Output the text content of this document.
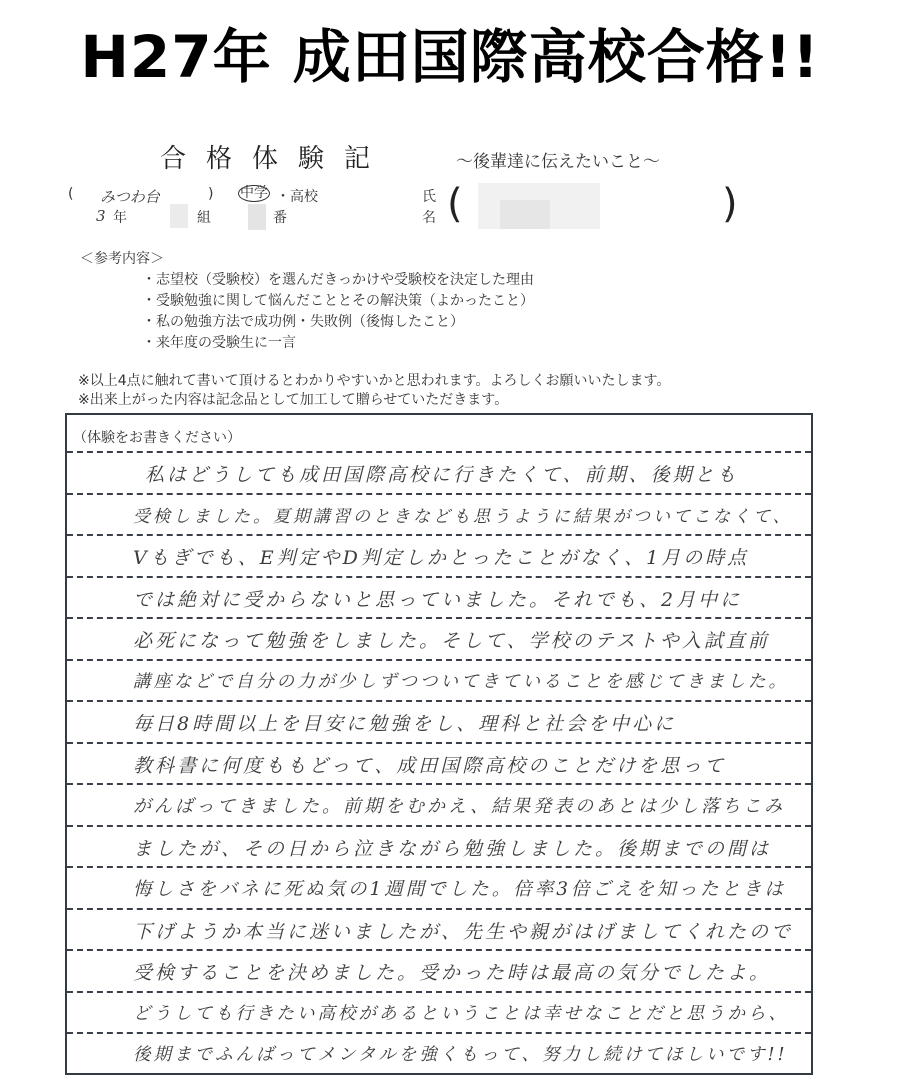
H27年 成田国際高校合格!!
合格体験記	〜後輩達に伝えたいこと〜
( みつわ台	) 中学 ・高校
3 年	組	番
氏
名 (	)
＜参考内容＞
・志望校（受験校）を選んだきっかけや受験校を決定した理由
・受験勉強に関して悩んだこととその解決策（よかったこと）
・私の勉強方法で成功例・失敗例（後悔したこと）
・来年度の受験生に一言
※以上4点に触れて書いて頂けるとわかりやすいかと思われます。よろしくお願いいたします。
※出来上がった内容は記念品として加工して贈らせていただきます。
（体験をお書きください）
私はどうしても成田国際高校に行きたくて、前期、後期とも
受検しました。夏期講習のときなども思うように結果がついてこなくて、
Vもぎでも、E判定やD判定しかとったことがなく、1月の時点
では絶対に受からないと思っていました。それでも、2月中に
必死になって勉強をしました。そして、学校のテストや入試直前
講座などで自分の力が少しずつついてきていることを感じてきました。
毎日8時間以上を目安に勉強をし、理科と社会を中心に
教科書に何度ももどって、成田国際高校のことだけを思って
がんばってきました。前期をむかえ、結果発表のあとは少し落ちこみ
ましたが、その日から泣きながら勉強しました。後期までの間は
悔しさをバネに死ぬ気の1週間でした。倍率3倍ごえを知ったときは
下げようか本当に迷いましたが、先生や親がはげましてくれたので
受検することを決めました。受かった時は最高の気分でしたよ。
どうしても行きたい高校があるということは幸せなことだと思うから、
後期までふんばってメンタルを強くもって、努力し続けてほしいです!!
